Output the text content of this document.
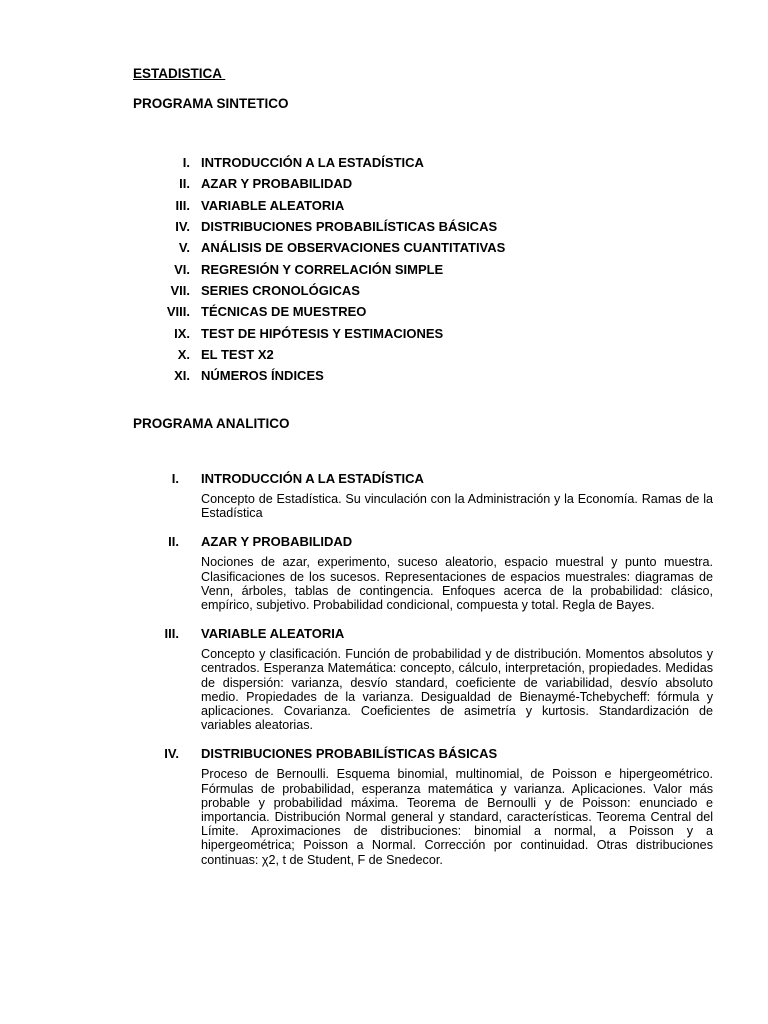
ESTADISTICA
PROGRAMA SINTETICO
I. INTRODUCCIÓN A LA ESTADÍSTICA
II. AZAR Y PROBABILIDAD
III. VARIABLE ALEATORIA
IV. DISTRIBUCIONES PROBABILÍSTICAS BÁSICAS
V. ANÁLISIS DE OBSERVACIONES CUANTITATIVAS
VI. REGRESIÓN Y CORRELACIÓN SIMPLE
VII. SERIES CRONOLÓGICAS
VIII. TÉCNICAS DE MUESTREO
IX. TEST DE HIPÓTESIS Y ESTIMACIONES
X. EL TEST X2
XI. NÚMEROS ÍNDICES
PROGRAMA ANALITICO
I.	INTRODUCCIÓN A LA ESTADÍSTICA
Concepto de Estadística. Su vinculación con la Administración y la Economía. Ramas de la Estadística
II.	AZAR Y PROBABILIDAD
Nociones de azar, experimento, suceso aleatorio, espacio muestral y punto muestra. Clasificaciones de los sucesos. Representaciones de espacios muestrales: diagramas de Venn, árboles, tablas de contingencia. Enfoques acerca de la probabilidad: clásico, empírico, subjetivo. Probabilidad condicional, compuesta y total. Regla de Bayes.
III.	VARIABLE ALEATORIA
Concepto y clasificación. Función de probabilidad y de distribución. Momentos absolutos y centrados. Esperanza Matemática: concepto, cálculo, interpretación, propiedades. Medidas de dispersión: varianza, desvío standard, coeficiente de variabilidad, desvío absoluto medio. Propiedades de la varianza. Desigualdad de Bienaymé-Tchebycheff: fórmula y aplicaciones. Covarianza. Coeficientes de asimetría y kurtosis. Standardización de variables aleatorias.
IV.	DISTRIBUCIONES PROBABILÍSTICAS BÁSICAS
Proceso de Bernoulli. Esquema binomial, multinomial, de Poisson e hipergeométrico. Fórmulas de probabilidad, esperanza matemática y varianza. Aplicaciones. Valor más probable y probabilidad máxima. Teorema de Bernoulli y de Poisson: enunciado e importancia. Distribución Normal general y standard, características. Teorema Central del Límite. Aproximaciones de distribuciones: binomial a normal, a Poisson y a hipergeométrica; Poisson a Normal. Corrección por continuidad. Otras distribuciones continuas: χ2, t de Student, F de Snedecor.
